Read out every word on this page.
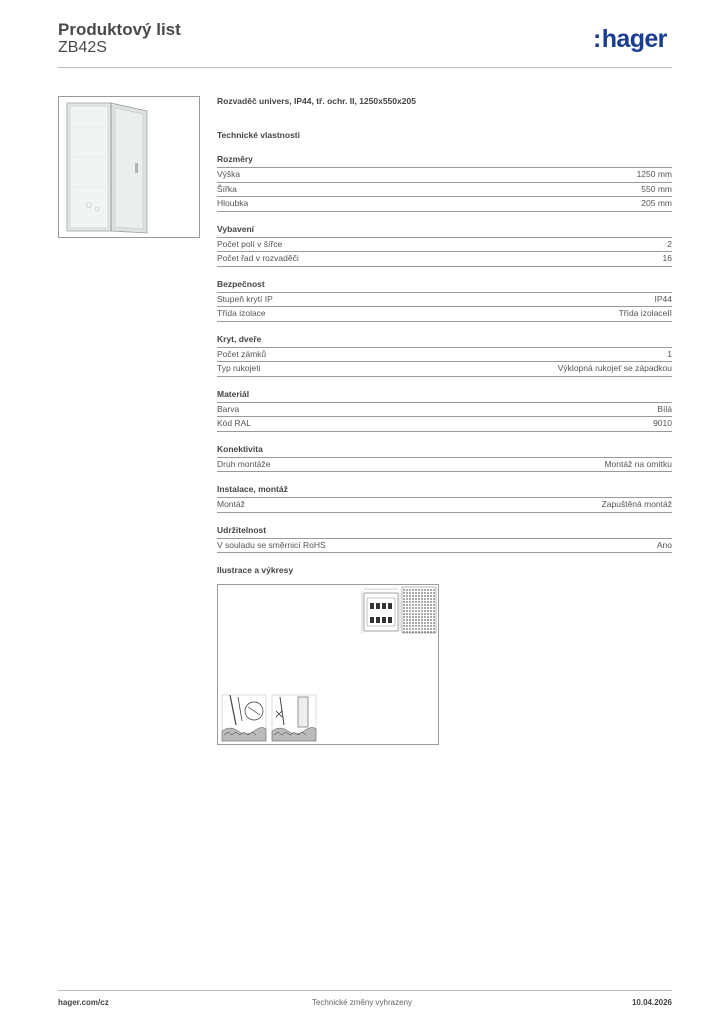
Produktový list
ZB42S	:hager
Rozvaděč univers, IP44, tř. ochr. II, 1250x550x205
Technické vlastnosti
Rozměry
Výška	1250 mm
Šířka	550 mm
Hloubka	205 mm
Vybavení
Počet polí v šířce	2
Počet řad v rozvaděči	16
Bezpečnost
Stupeň krytí IP	IP44
Třída izolace	Třída izolaceII
Kryt, dveře
Počet zámků	1
Typ rukojeti	Výklopná rukojeť se západkou
Materiál
Barva	Bílá
Kód RAL	9010
Konektivita
Druh montáže	Montáž na omítku
Instalace, montáž
Montáž	Zapuštěná montáž
Udržitelnost
V souladu se směrnicí RoHS	Ano
Ilustrace a výkresy
hager.com/cz	Technické změny vyhrazeny	10.04.2026
